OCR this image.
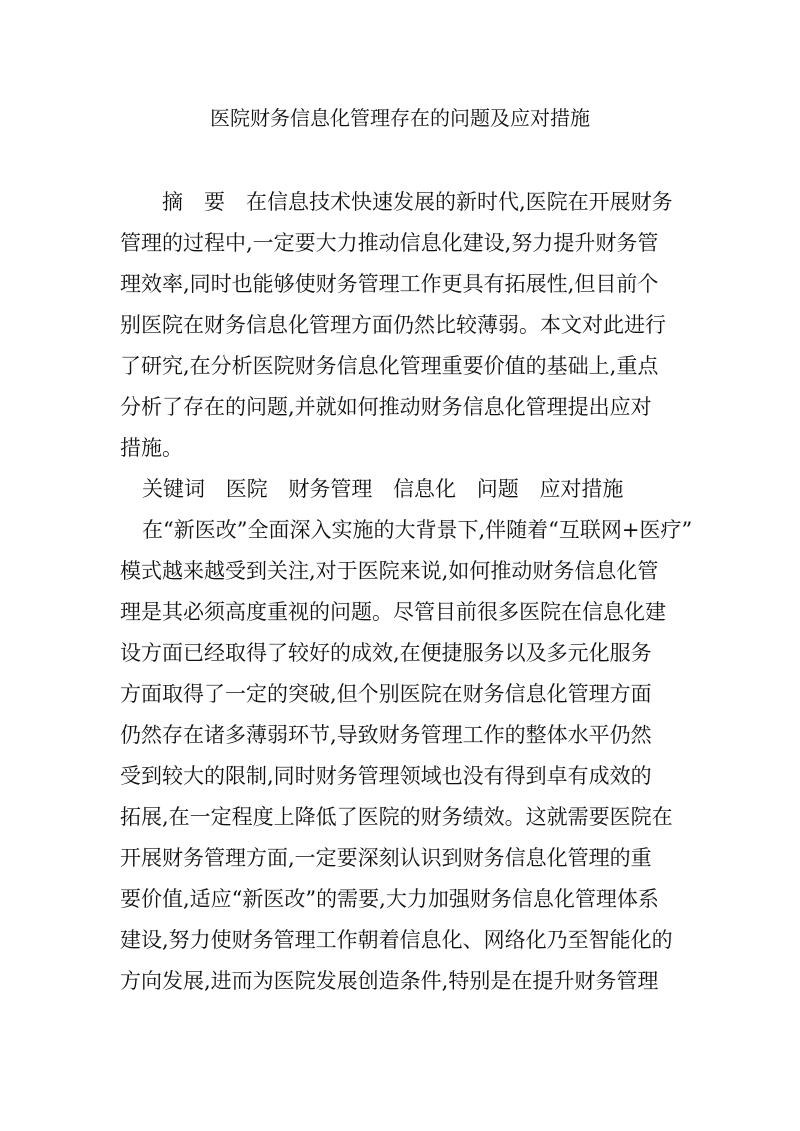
医院财务信息化管理存在的问题及应对措施
摘　要　在信息技术快速发展的新时代,医院在开展财务
管理的过程中,一定要大力推动信息化建设,努力提升财务管
理效率,同时也能够使财务管理工作更具有拓展性,但目前个
别医院在财务信息化管理方面仍然比较薄弱。本文对此进行
了研究,在分析医院财务信息化管理重要价值的基础上,重点
分析了存在的问题,并就如何推动财务信息化管理提出应对
措施。
关键词 医院 财务管理 信息化 问题 应对措施
在“新医改”全面深入实施的大背景下,伴随着“互联网+医疗”
模式越来越受到关注,对于医院来说,如何推动财务信息化管
理是其必须高度重视的问题。尽管目前很多医院在信息化建
设方面已经取得了较好的成效,在便捷服务以及多元化服务
方面取得了一定的突破,但个别医院在财务信息化管理方面
仍然存在诸多薄弱环节,导致财务管理工作的整体水平仍然
受到较大的限制,同时财务管理领域也没有得到卓有成效的
拓展,在一定程度上降低了医院的财务绩效。这就需要医院在
开展财务管理方面,一定要深刻认识到财务信息化管理的重
要价值,适应“新医改”的需要,大力加强财务信息化管理体系
建设,努力使财务管理工作朝着信息化、网络化乃至智能化的
方向发展,进而为医院发展创造条件,特别是在提升财务管理
